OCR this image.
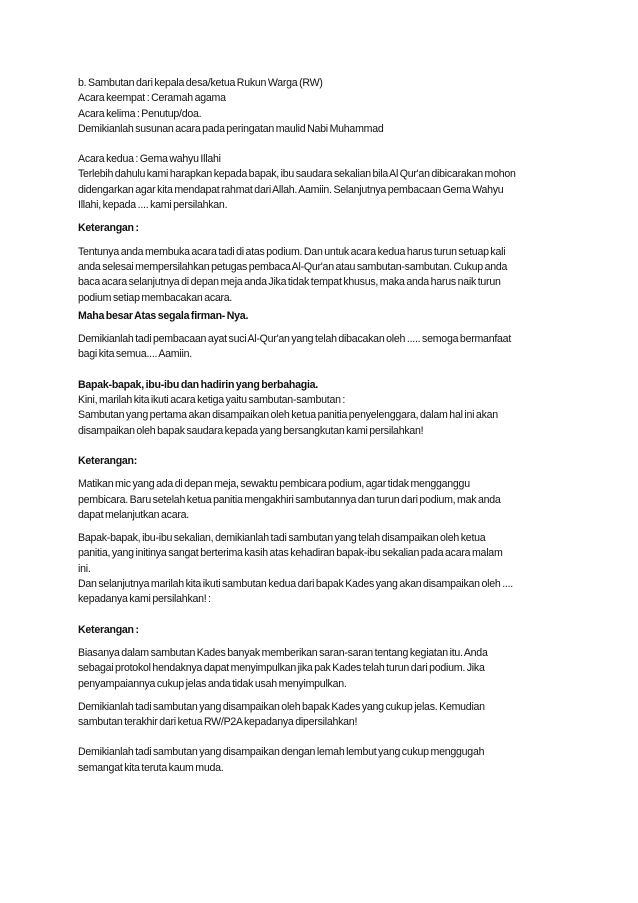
b. Sambutan dari kepala desa/ketua Rukun Warga (RW)
Acara keempat : Ceramah agama
Acara kelima : Penutup/doa.
Demikianlah susunan acara pada peringatan maulid Nabi Muhammad
Acara kedua : Gema wahyu Illahi
Terlebih dahulu kami harapkan kepada bapak, ibu saudara sekalian bila Al Qur'an dibicarakan mohon
didengarkan agar kita mendapat rahmat dari Allah. Aamiin. Selanjutnya pembacaan Gema Wahyu
Illahi, kepada .... kami persilahkan.
Keterangan :
Tentunya anda membuka acara tadi di atas podium. Dan untuk acara kedua harus turun setuap kali
anda selesai mempersilahkan petugas pembaca Al-Qur'an atau sambutan-sambutan. Cukup anda
baca acara selanjutnya di depan meja anda Jika tidak tempat khusus, maka anda harus naik turun
podium setiap membacakan acara.
Maha besar Atas segala firman- Nya.
Demikianlah tadi pembacaan ayat suci Al-Qur'an yang telah dibacakan oleh ..... semoga bermanfaat
bagi kita semua.... Aamiin.
Bapak-bapak, ibu-ibu dan hadirin yang berbahagia.
Kini, marilah kita ikuti acara ketiga yaitu sambutan-sambutan :
Sambutan yang pertama akan disampaikan oleh ketua panitia penyelenggara, dalam hal ini akan
disampaikan oleh bapak saudara kepada yang bersangkutan kami persilahkan!
Keterangan:
Matikan mic yang ada di depan meja, sewaktu pembicara podium, agar tidak mengganggu
pembicara. Baru setelah ketua panitia mengakhiri sambutannya dan turun dari podium, mak anda
dapat melanjutkan acara.
Bapak-bapak, ibu-ibu sekalian, demikianlah tadi sambutan yang telah disampaikan oleh ketua
panitia, yang initinya sangat berterima kasih atas kehadiran bapak-ibu sekalian pada acara malam
ini.
Dan selanjutnya marilah kita ikuti sambutan kedua dari bapak Kades yang akan disampaikan oleh ....
kepadanya kami persilahkan! :
Keterangan :
Biasanya dalam sambutan Kades banyak memberikan saran-saran tentang kegiatan itu. Anda
sebagai protokol hendaknya dapat menyimpulkan jika pak Kades telah turun dari podium. Jika
penyampaiannya cukup jelas anda tidak usah menyimpulkan.
Demikianlah tadi sambutan yang disampaikan oleh bapak Kades yang cukup jelas. Kemudian
sambutan terakhir dari ketua RW/P2A kepadanya dipersilahkan!
Demikianlah tadi sambutan yang disampaikan dengan lemah lembut yang cukup menggugah
semangat kita teruta kaum muda.
